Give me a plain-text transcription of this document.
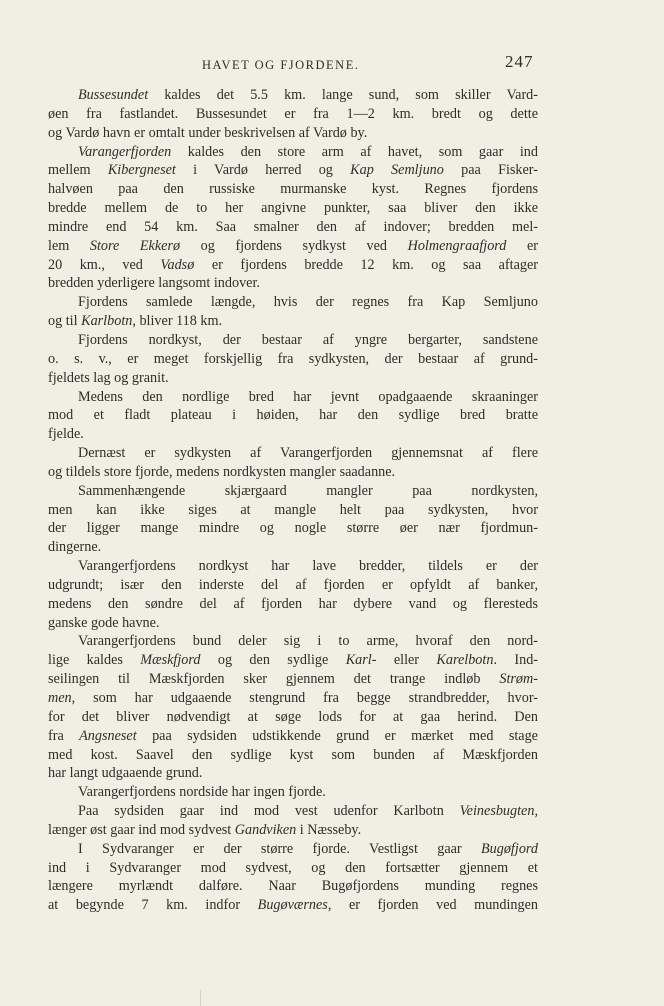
HAVET OG FJORDENE.	247
Bussesundet kaldes det 5.5 km. lange sund, som skiller Vard-
øen fra fastlandet. Bussesundet er fra 1—2 km. bredt og dette
og Vardø havn er omtalt under beskrivelsen af Vardø by.
Varangerfjorden kaldes den store arm af havet, som gaar ind
mellem Kibergneset i Vardø herred og Kap Semljuno paa Fisker-
halvøen paa den russiske murmanske kyst. Regnes fjordens
bredde mellem de to her angivne punkter, saa bliver den ikke
mindre end 54 km. Saa smalner den af indover; bredden mel-
lem Store Ekkerø og fjordens sydkyst ved Holmengraafjord er
20 km., ved Vadsø er fjordens bredde 12 km. og saa aftager
bredden yderligere langsomt indover.
Fjordens samlede længde, hvis der regnes fra Kap Semljuno
og til Karlbotn, bliver 118 km.
Fjordens nordkyst, der bestaar af yngre bergarter, sandstene
o. s. v., er meget forskjellig fra sydkysten, der bestaar af grund-
fjeldets lag og granit.
Medens den nordlige bred har jevnt opadgaaende skraaninger
mod et fladt plateau i høiden, har den sydlige bred bratte
fjelde.
Dernæst er sydkysten af Varangerfjorden gjennemsnat af flere
og tildels store fjorde, medens nordkysten mangler saadanne.
Sammenhængende skjærgaard mangler paa nordkysten,
men kan ikke siges at mangle helt paa sydkysten, hvor
der ligger mange mindre og nogle større øer nær fjordmun-
dingerne.
Varangerfjordens nordkyst har lave bredder, tildels er der
udgrundt; især den inderste del af fjorden er opfyldt af banker,
medens den søndre del af fjorden har dybere vand og fleresteds
ganske gode havne.
Varangerfjordens bund deler sig i to arme, hvoraf den nord-
lige kaldes Mæskfjord og den sydlige Karl- eller Karelbotn. Ind-
seilingen til Mæskfjorden sker gjennem det trange indløb Strøm-
men, som har udgaaende stengrund fra begge strandbredder, hvor-
for det bliver nødvendigt at søge lods for at gaa herind. Den
fra Angsneset paa sydsiden udstikkende grund er mærket med stage
med kost. Saavel den sydlige kyst som bunden af Mæskfjorden
har langt udgaaende grund.
Varangerfjordens nordside har ingen fjorde.
Paa sydsiden gaar ind mod vest udenfor Karlbotn Veinesbugten,
længer øst gaar ind mod sydvest Gandviken i Næsseby.
I Sydvaranger er der større fjorde. Vestligst gaar Bugøfjord
ind i Sydvaranger mod sydvest, og den fortsætter gjennem et
længere myrlændt dalføre. Naar Bugøfjordens munding regnes
at begynde 7 km. indfor Bugøværnes, er fjorden ved mundingen
